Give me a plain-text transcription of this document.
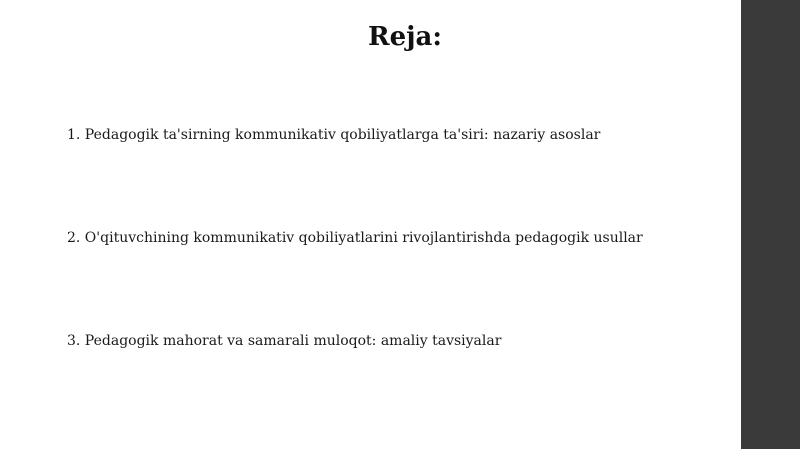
Reja:
1. Pedagogik ta'sirning kommunikativ qobiliyatlarga ta'siri: nazariy asoslar
2. O'qituvchining kommunikativ qobiliyatlarini rivojlantirishda pedagogik usullar
3. Pedagogik mahorat va samarali muloqot: amaliy tavsiyalar
